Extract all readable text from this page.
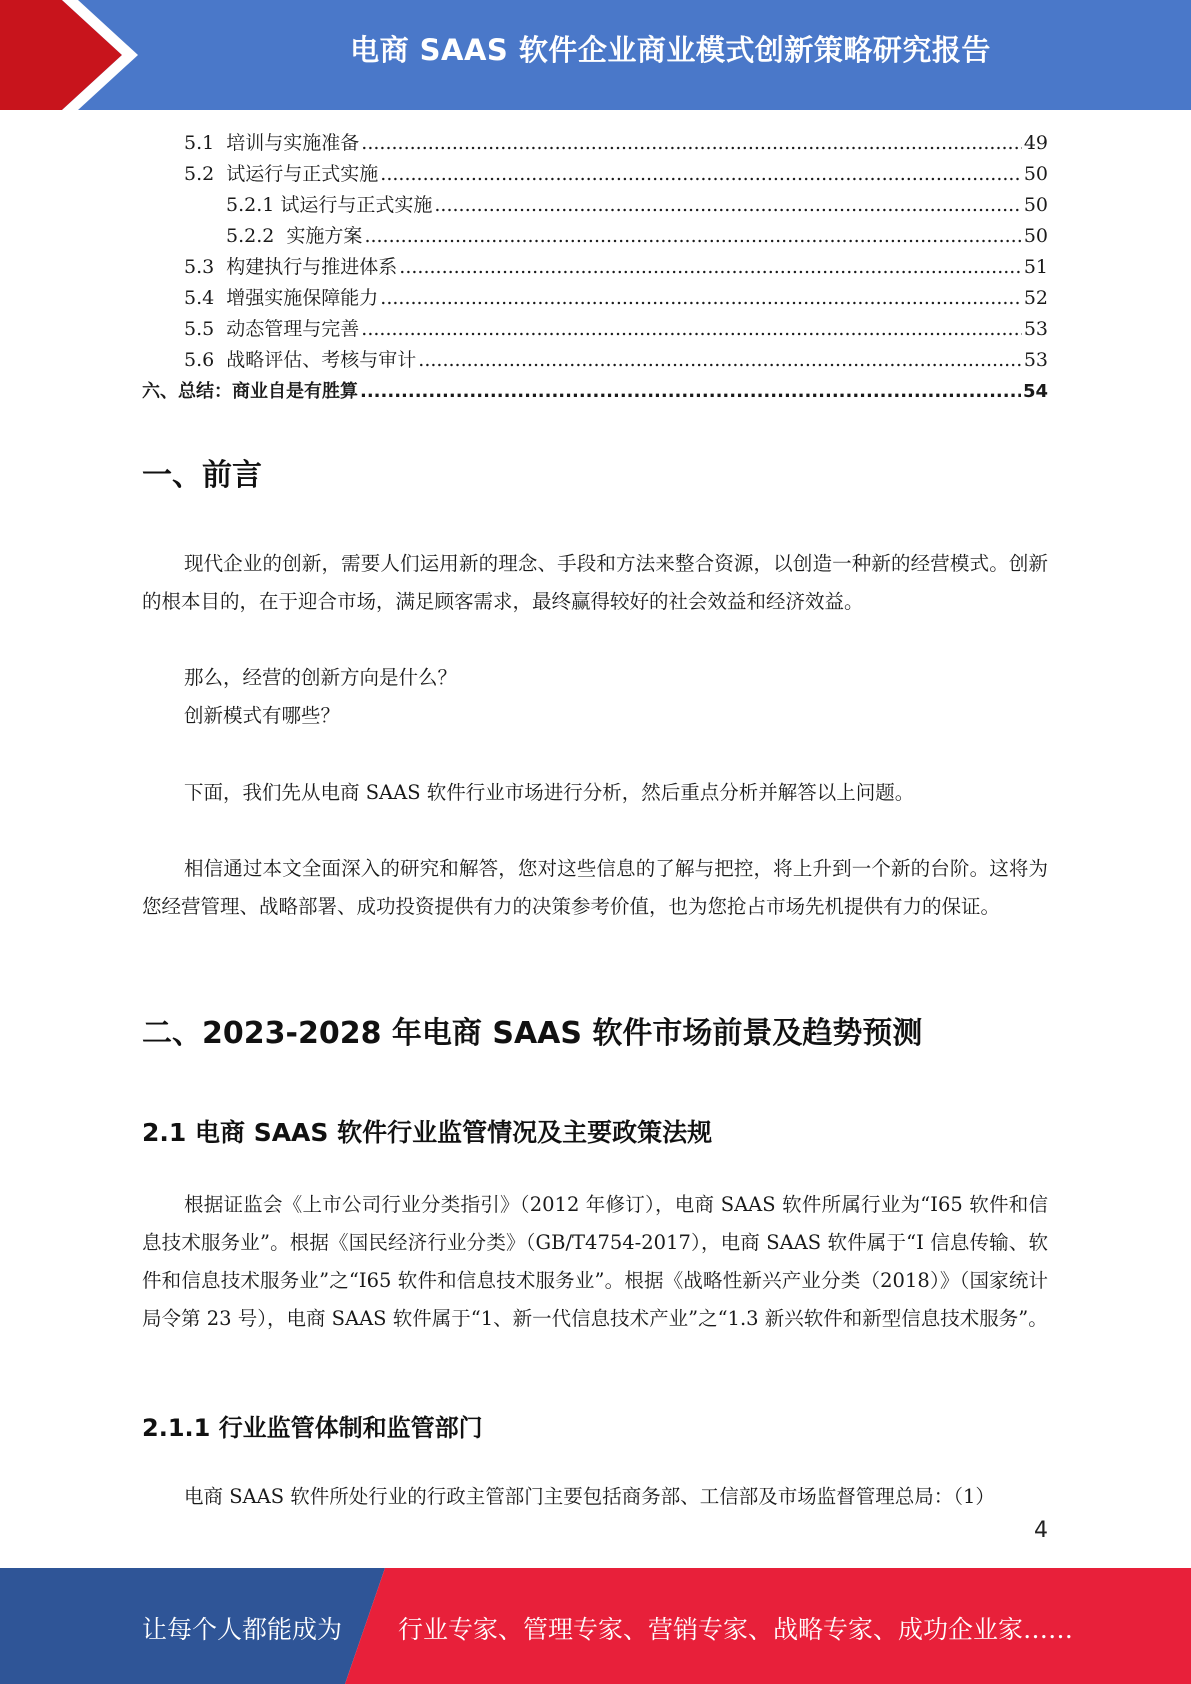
电商 SAAS 软件企业商业模式创新策略研究报告
5.1  培训与实施准备 .....	49
5.2  试运行与正式实施 .....	50
5.2.1 试运行与正式实施 .....	50
5.2.2  实施方案 .....	50
5.3  构建执行与推进体系 .....	51
5.4  增强实施保障能力 .....	52
5.5  动态管理与完善 .....	53
5.6  战略评估、考核与审计 .....	53
六、总结：商业自是有胜算 .....	54
一、前言

现代企业的创新，需要人们运用新的理念、手段和方法来整合资源，以创造一种新的经营模式。创新的根本目的，在于迎合市场，满足顾客需求，最终赢得较好的社会效益和经济效益。

那么，经营的创新方向是什么？

创新模式有哪些？

下面，我们先从电商 SAAS 软件行业市场进行分析，然后重点分析并解答以上问题。

相信通过本文全面深入的研究和解答，您对这些信息的了解与把控，将上升到一个新的台阶。这将为您经营管理、战略部署、成功投资提供有力的决策参考价值，也为您抢占市场先机提供有力的保证。

二、2023-2028 年电商 SAAS 软件市场前景及趋势预测
2.1 电商 SAAS 软件行业监管情况及主要政策法规

根据证监会《上市公司行业分类指引》（2012 年修订），电商 SAAS 软件所属行业为“I65 软件和信息技术服务业”。根据《国民经济行业分类》（GB/T4754-2017），电商 SAAS 软件属于“I 信息传输、软件和信息技术服务业”之“I65 软件和信息技术服务业”。根据《战略性新兴产业分类（2018）》（国家统计局令第 23 号），电商 SAAS 软件属于“1、新一代信息技术产业”之“1.3 新兴软件和新型信息技术服务”。

2.1.1 行业监管体制和监管部门

电商 SAAS 软件所处行业的行政主管部门主要包括商务部、工信部及市场监督管理总局：（1）

4
让每个人都能成为 行业专家、管理专家、营销专家、战略专家、成功企业家……
